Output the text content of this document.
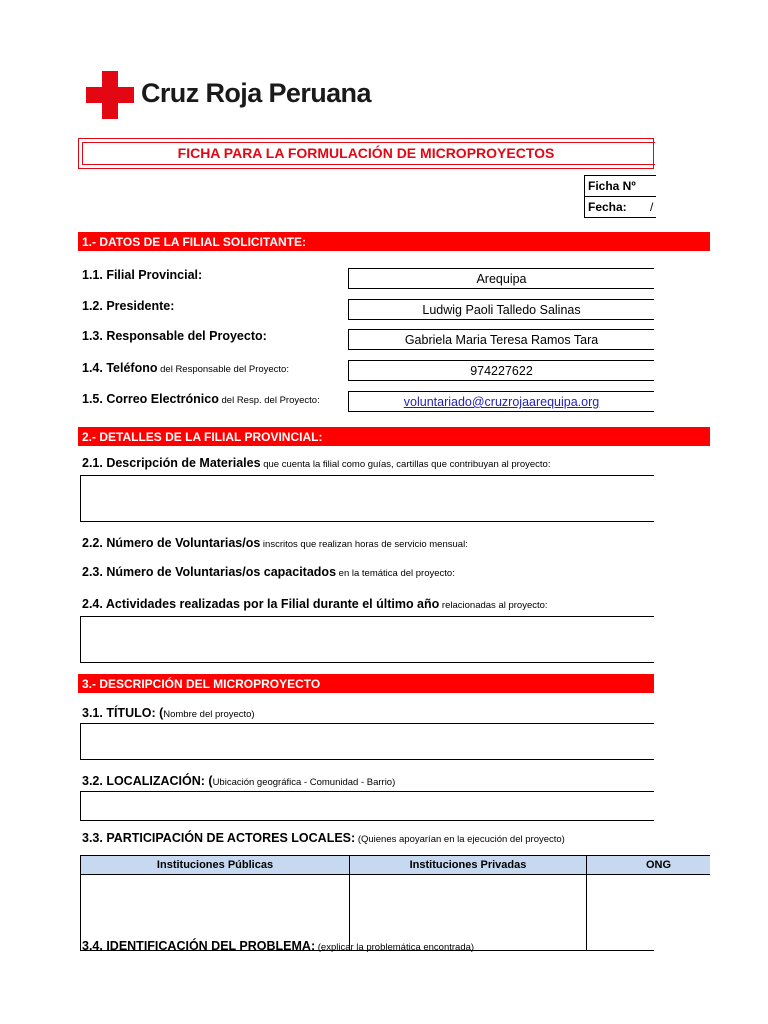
Cruz Roja Peruana
FICHA PARA LA FORMULACIÓN DE MICROPROYECTOS
Ficha Nº
Fecha:	/
1.- DATOS DE LA FILIAL SOLICITANTE:
1.1. Filial Provincial:	Arequipa
1.2. Presidente:	Ludwig Paoli Talledo Salinas
1.3. Responsable del Proyecto:	Gabriela Maria Teresa Ramos Tara
1.4. Teléfono del Responsable del Proyecto:	974227622
1.5. Correo Electrónico del Resp. del Proyecto:	voluntariado@cruzrojaarequipa.org
2.- DETALLES DE LA FILIAL PROVINCIAL:
2.1. Descripción de Materiales que cuenta la filial como guías, cartillas que contribuyan al proyecto:
2.2. Número de Voluntarias/os inscritos que realizan horas de servicio mensual:
2.3. Número de Voluntarias/os capacitados en la temática del proyecto:
2.4. Actividades realizadas por la Filial durante el último año relacionadas al proyecto:
3.- DESCRIPCIÓN DEL MICROPROYECTO
3.1. TÍTULO: (Nombre del proyecto)
3.2. LOCALIZACIÓN: (Ubicación geográfica - Comunidad - Barrio)
3.3. PARTICIPACIÓN DE ACTORES LOCALES: (Quienes apoyarían en la ejecución del proyecto)
Instituciones Públicas	Instituciones Privadas	ONG
3.4. IDENTIFICACIÓN DEL PROBLEMA: (explicar la problemática encontrada)
